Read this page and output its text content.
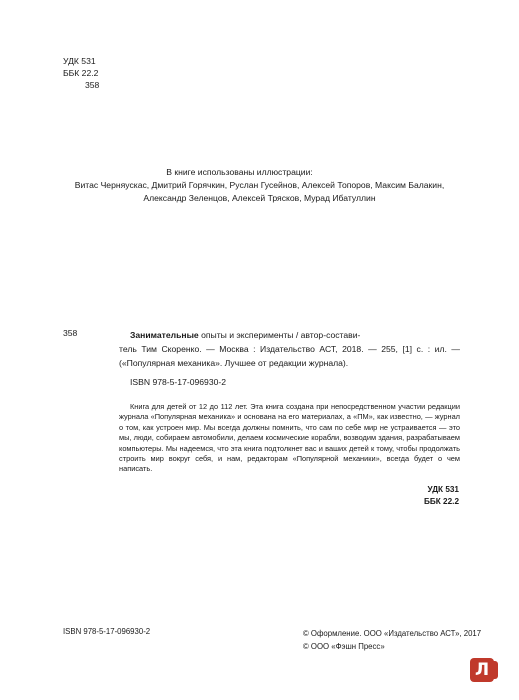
УДК 531
ББК 22.2
358
В книге использованы иллюстрации:
Витас Черняускас, Дмитрий Горячкин, Руслан Гусейнов, Алексей Топоров, Максим Балакин,
Александр Зеленцов, Алексей Трясков, Мурад Ибатуллин
358	Занимательные опыты и эксперименты / автор-состави-
тель Тим Скоренко. — Москва : Издательство АСТ, 2018. — 255, [1] с. : ил. — («Популярная механика». Лучшее от редакции журнала).
ISBN 978-5-17-096930-2

Книга для детей от 12 до 112 лет. Эта книга создана при непосредственном участии редакции журнала «Популярная механика» и основана на его материалах, а «ПМ», как известно, — журнал о том, как устроен мир. Мы всегда должны помнить, что сам по себе мир не устраивается — это мы, люди, собираем автомобили, делаем космические корабли, возводим здания, разрабатываем компьютеры. Мы надеемся, что эта книга подтолкнет вас и ваших детей к тому, чтобы продолжать строить мир вокруг себя, и нам, редакторам «Популярной механики», всегда будет о чем написать.

УДК 531
ББК 22.2
ISBN 978-5-17-096930-2	© Оформление. ООО «Издательство АСТ», 2017
© ООО «Фэшн Пресс»
Л
